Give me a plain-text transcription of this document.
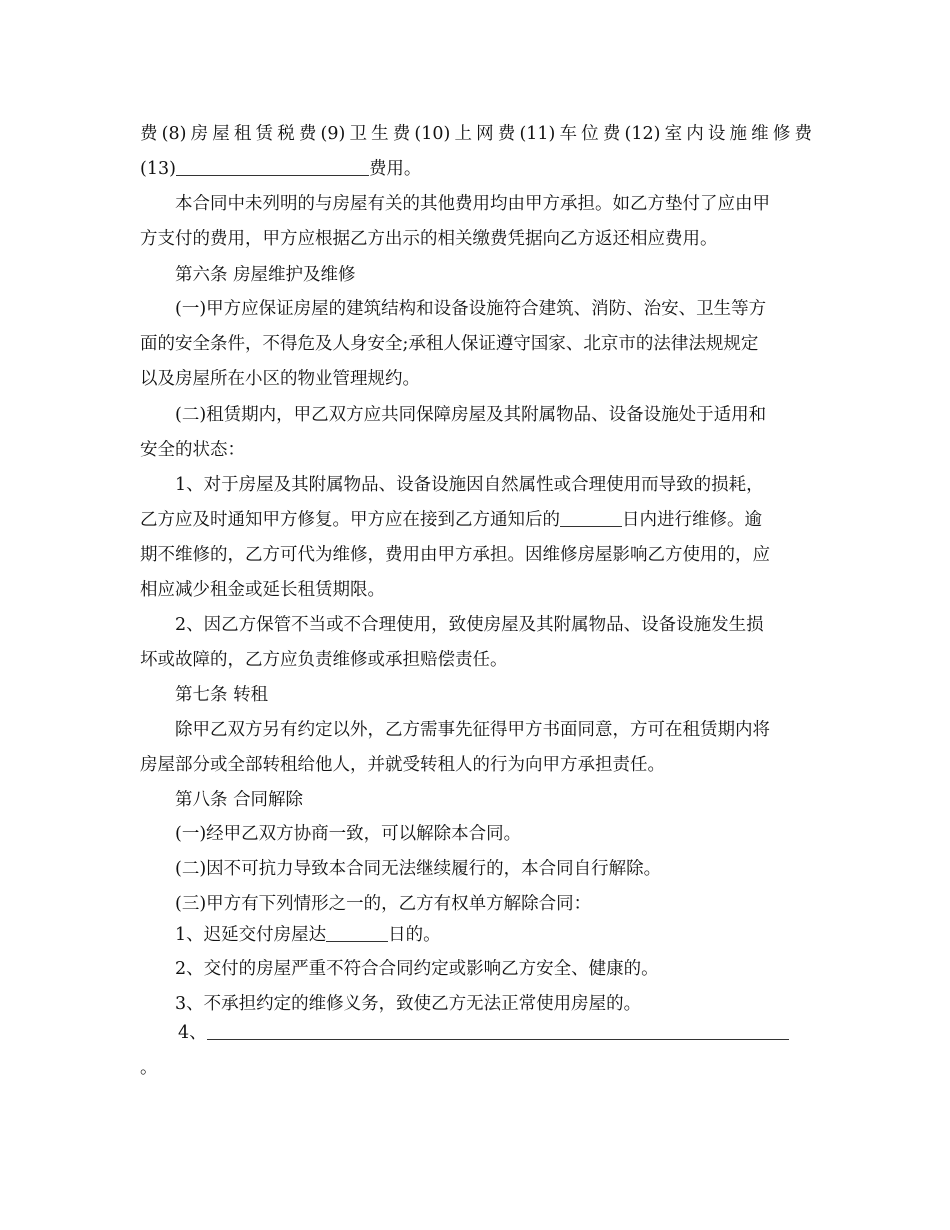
费(8)房屋租赁税费(9)卫生费(10)上网费(11)车位费(12)室内设施维修费
(13)	费用。
本合同中未列明的与房屋有关的其他费用均由甲方承担。如乙方垫付了应由甲
方支付的费用，甲方应根据乙方出示的相关缴费凭据向乙方返还相应费用。
第六条 房屋维护及维修
(一)甲方应保证房屋的建筑结构和设备设施符合建筑、消防、治安、卫生等方
面的安全条件，不得危及人身安全;承租人保证遵守国家、北京市的法律法规规定
以及房屋所在小区的物业管理规约。
(二)租赁期内，甲乙双方应共同保障房屋及其附属物品、设备设施处于适用和
安全的状态：
1、对于房屋及其附属物品、设备设施因自然属性或合理使用而导致的损耗，
乙方应及时通知甲方修复。甲方应在接到乙方通知后的	日内进行维修。逾
期不维修的，乙方可代为维修，费用由甲方承担。因维修房屋影响乙方使用的，应
相应减少租金或延长租赁期限。
2、因乙方保管不当或不合理使用，致使房屋及其附属物品、设备设施发生损
坏或故障的，乙方应负责维修或承担赔偿责任。
第七条 转租
除甲乙双方另有约定以外，乙方需事先征得甲方书面同意，方可在租赁期内将
房屋部分或全部转租给他人，并就受转租人的行为向甲方承担责任。
第八条 合同解除
(一)经甲乙双方协商一致，可以解除本合同。
(二)因不可抗力导致本合同无法继续履行的，本合同自行解除。
(三)甲方有下列情形之一的，乙方有权单方解除合同：
1、迟延交付房屋达	日的。
2、交付的房屋严重不符合合同约定或影响乙方安全、健康的。
3、不承担约定的维修义务，致使乙方无法正常使用房屋的。
4、
。
